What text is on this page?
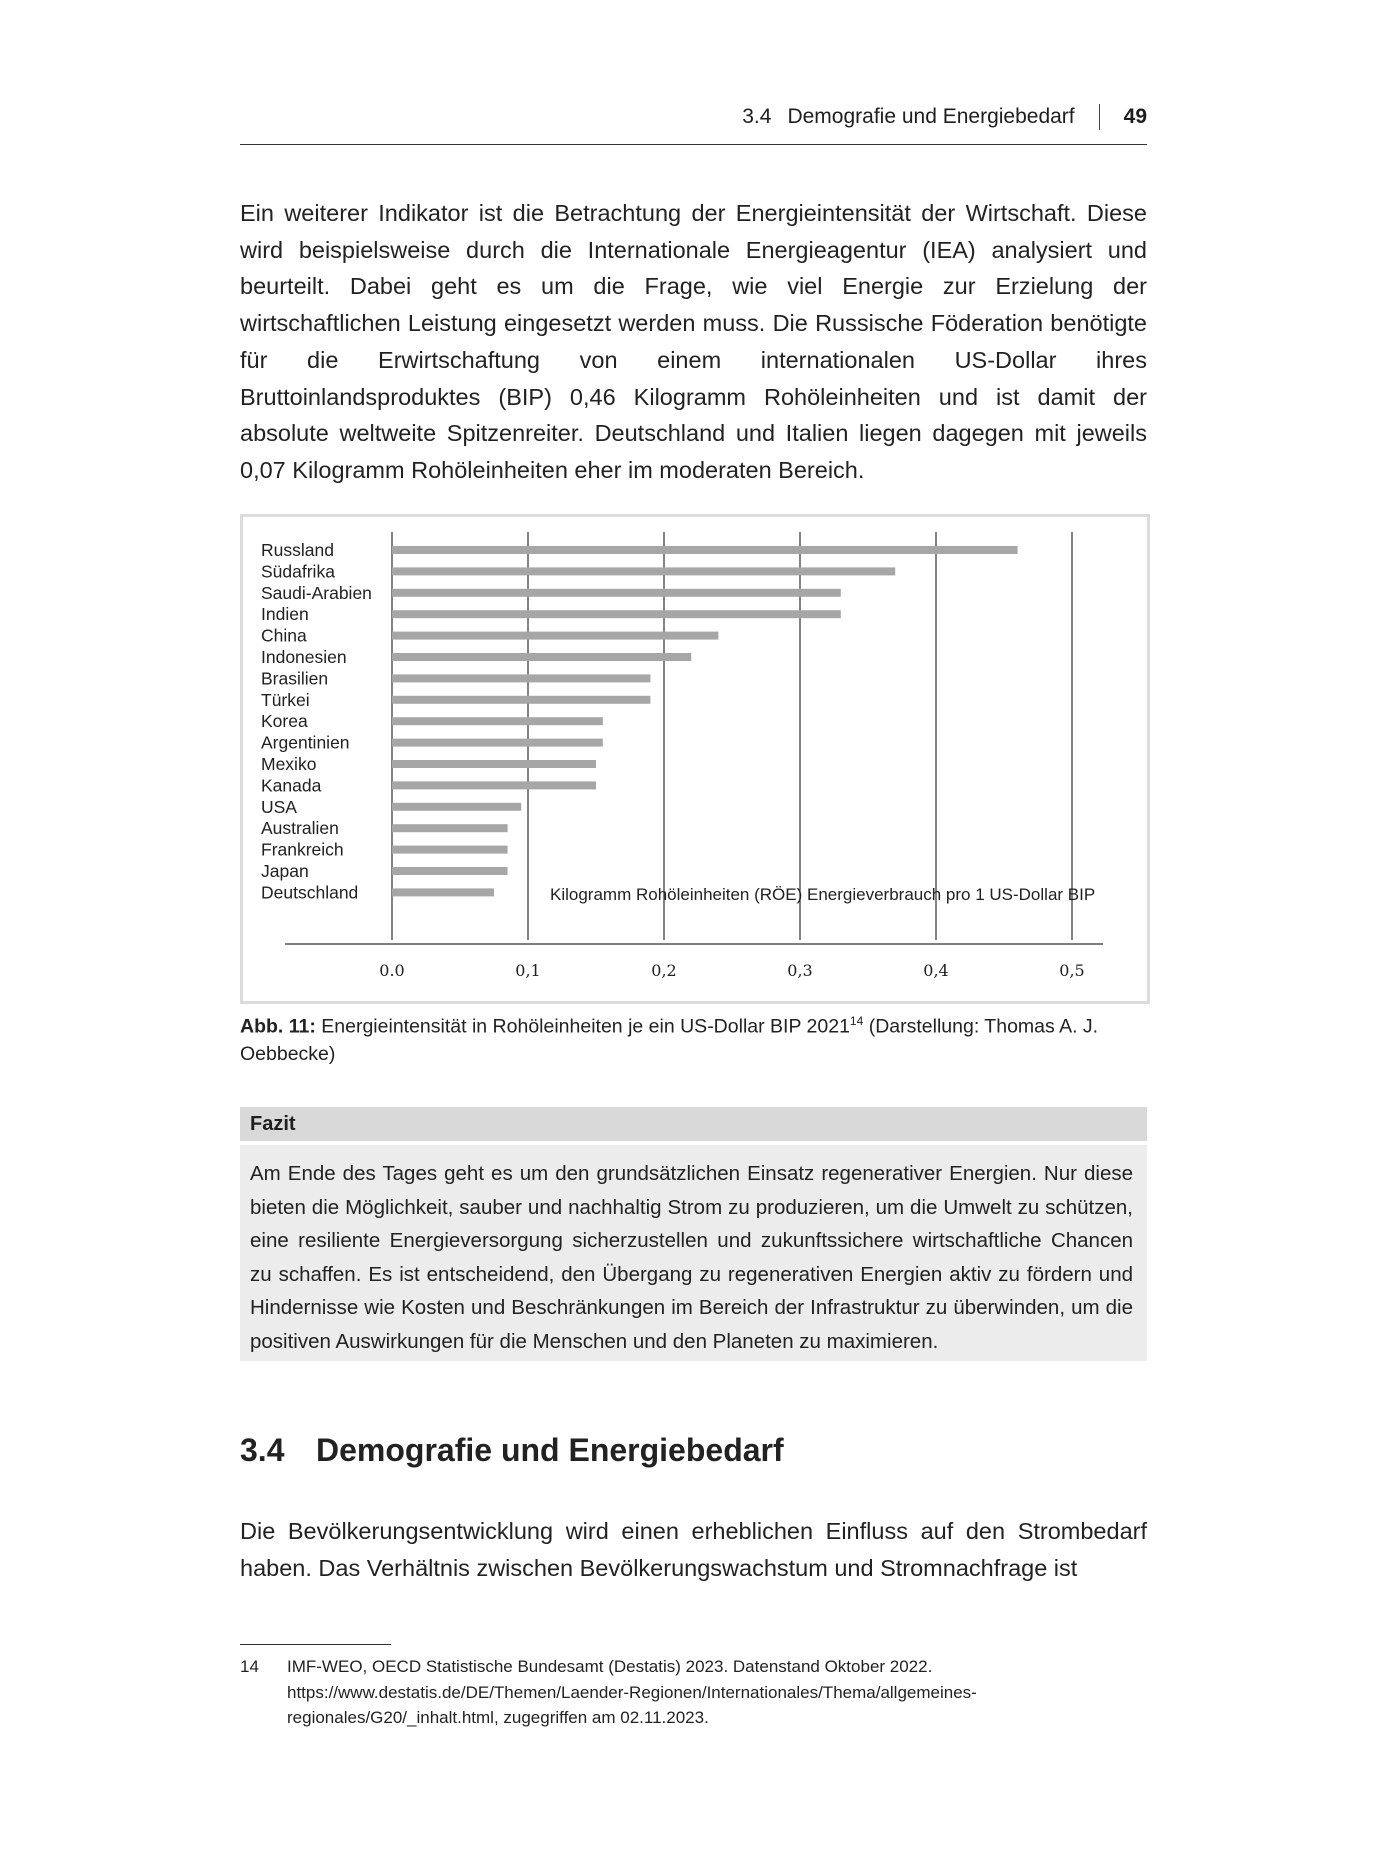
3.4 Demografie und Energiebedarf 49

Ein weiterer Indikator ist die Betrachtung der Energieintensität der Wirtschaft. Diese wird beispielsweise durch die Internationale Energieagentur (IEA) analysiert und beurteilt. Dabei geht es um die Frage, wie viel Energie zur Erzielung der wirtschaftlichen Leistung eingesetzt werden muss. Die Russische Föderation benötigte für die Erwirtschaftung von einem internationalen US-Dollar ihres Bruttoinlandsproduktes (BIP) 0,46 Kilogramm Rohöleinheiten und ist damit der absolute weltweite Spitzenreiter. Deutschland und Italien liegen dagegen mit jeweils 0,07 Kilogramm Rohöleinheiten eher im moderaten Bereich.

0.0	0,1	0,2	0,3	0,4	0,5
Russland
Südafrika
Saudi-Arabien
Indien
China
Indonesien
Brasilien
Türkei
Korea
Argentinien
Mexiko
Kanada
USA
Australien
Frankreich
Japan
Deutschland	Kilogramm Rohöleinheiten (RÖE) Energieverbrauch pro 1 US-Dollar BIP
Abb. 11: Energieintensität in Rohöleinheiten je ein US-Dollar BIP 2021$^{14}$ (Darstellung: Thomas A. J. Oebbecke)
Fazit
Am Ende des Tages geht es um den grundsätzlichen Einsatz regenerativer Energien. Nur diese bieten die Möglichkeit, sauber und nachhaltig Strom zu produzieren, um die Umwelt zu schützen, eine resiliente Energieversorgung sicherzustellen und zukunftssichere wirtschaftliche Chancen zu schaffen. Es ist entscheidend, den Übergang zu regenerativen Energien aktiv zu fördern und Hindernisse wie Kosten und Beschränkungen im Bereich der Infrastruktur zu überwinden, um die positiven Auswirkungen für die Menschen und den Planeten zu maximieren.
3.4 Demografie und Energiebedarf

Die Bevölkerungsentwicklung wird einen erheblichen Einfluss auf den Strombedarf haben. Das Verhältnis zwischen Bevölkerungswachstum und Stromnachfrage ist

14 IMF-WEO, OECD Statistische Bundesamt (Destatis) 2023. Datenstand Oktober 2022. https://www.destatis.de/DE/Themen/Laender-Regionen/Internationales/Thema/allgemeines-regionales/G20/_inhalt.html, zugegriffen am 02.11.2023.
